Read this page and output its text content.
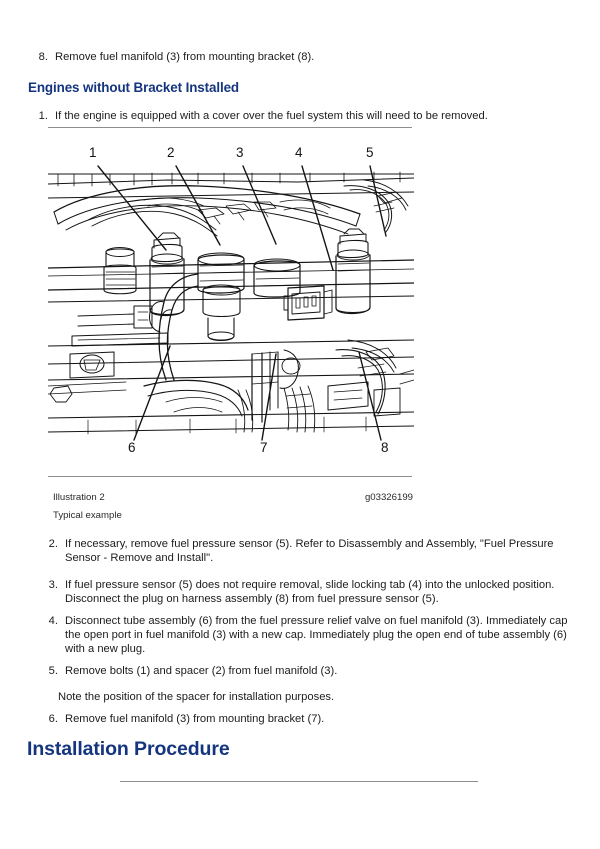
8. Remove fuel manifold (3) from mounting bracket (8).
Engines without Bracket Installed
1. If the engine is equipped with a cover over the fuel system this will need to be removed.
1	2	3	4	5
6	7	8
Illustration 2	g03326199
Typical example
2. If necessary, remove fuel pressure sensor (5). Refer to Disassembly and Assembly, "Fuel Pressure Sensor - Remove and Install".
3. If fuel pressure sensor (5) does not require removal, slide locking tab (4) into the unlocked position. Disconnect the plug on harness assembly (8) from fuel pressure sensor (5).
4. Disconnect tube assembly (6) from the fuel pressure relief valve on fuel manifold (3). Immediately cap the open port in fuel manifold (3) with a new cap. Immediately plug the open end of tube assembly (6) with a new plug.
5. Remove bolts (1) and spacer (2) from fuel manifold (3).
Note the position of the spacer for installation purposes.
6. Remove fuel manifold (3) from mounting bracket (7).
Installation Procedure
